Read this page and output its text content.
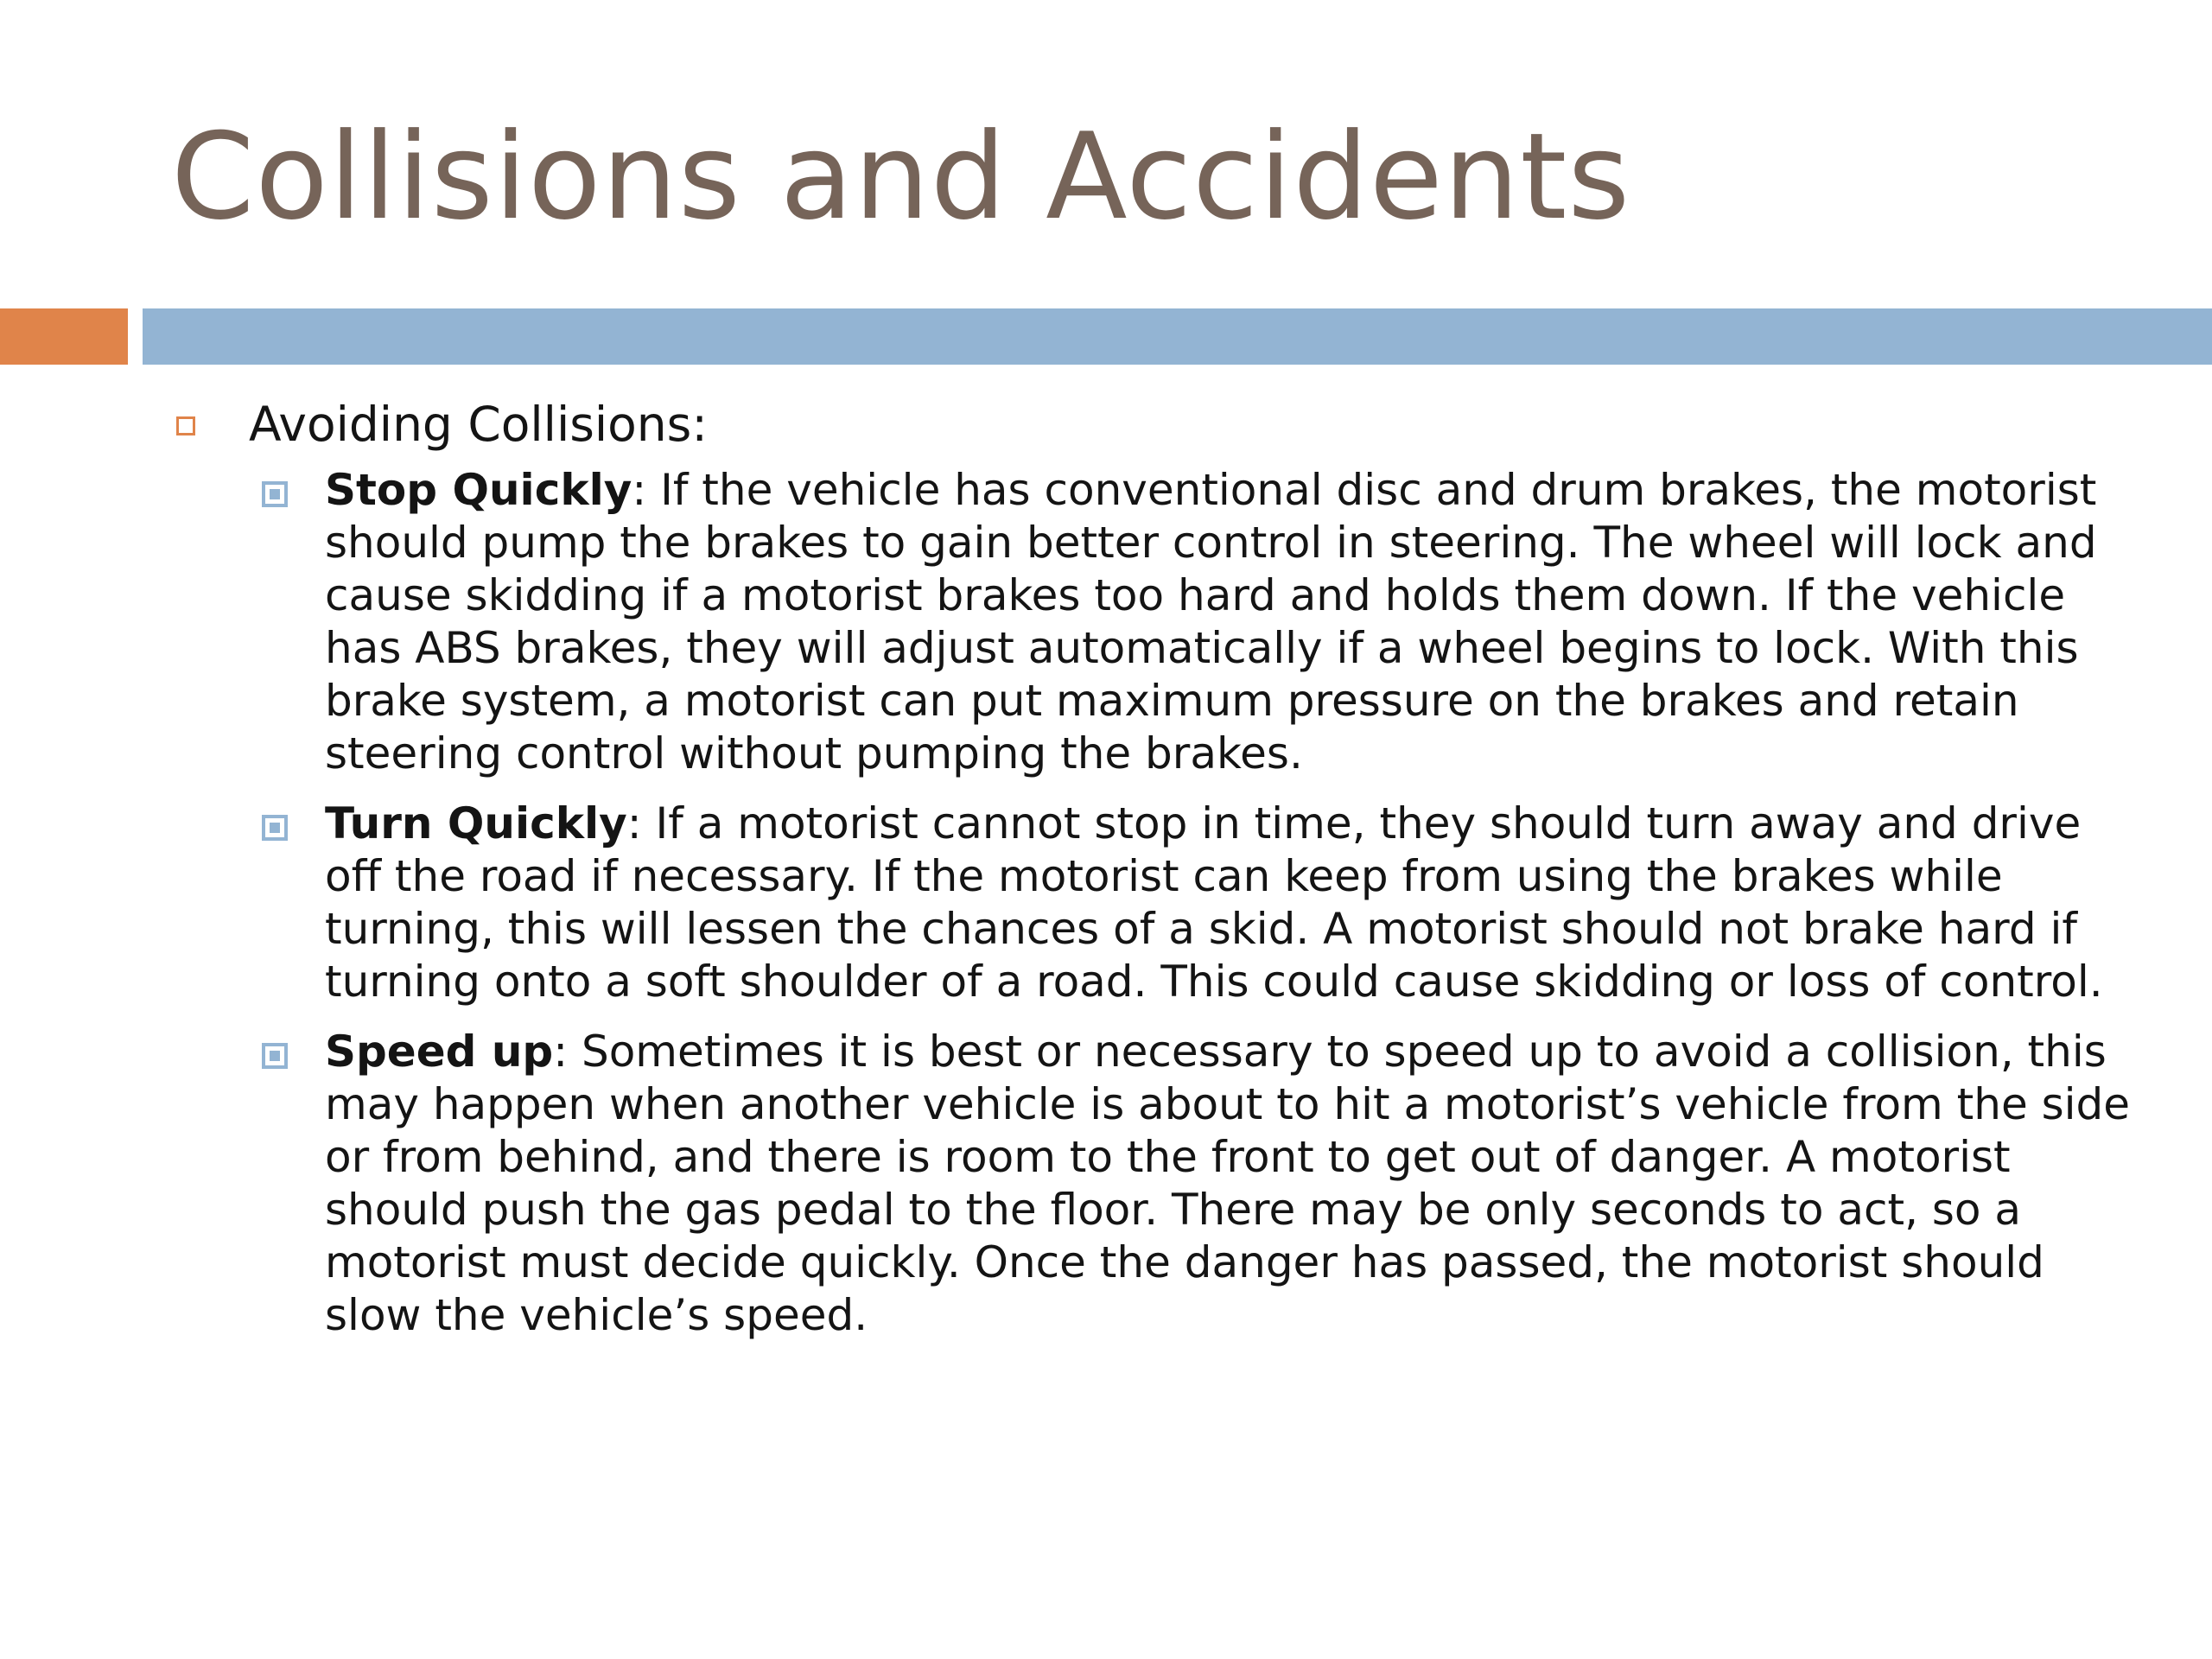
Collisions and Accidents
Avoiding Collisions:
Stop Quickly: If the vehicle has conventional disc and drum brakes, the motorist should pump the brakes to gain better control in steering. The wheel will lock and cause skidding if a motorist brakes too hard and holds them down. If the vehicle has ABS brakes, they will adjust automatically if a wheel begins to lock. With this brake system, a motorist can put maximum pressure on the brakes and retain steering control without pumping the brakes.
Turn Quickly: If a motorist cannot stop in time, they should turn away and drive off the road if necessary. If the motorist can keep from using the brakes while turning, this will lessen the chances of a skid. A motorist should not brake hard if turning onto a soft shoulder of a road. This could cause skidding or loss of control.
Speed up: Sometimes it is best or necessary to speed up to avoid a collision, this may happen when another vehicle is about to hit a motorist’s vehicle from the side or from behind, and there is room to the front to get out of danger. A motorist should push the gas pedal to the floor. There may be only seconds to act, so a motorist must decide quickly. Once the danger has passed, the motorist should slow the vehicle’s speed.
